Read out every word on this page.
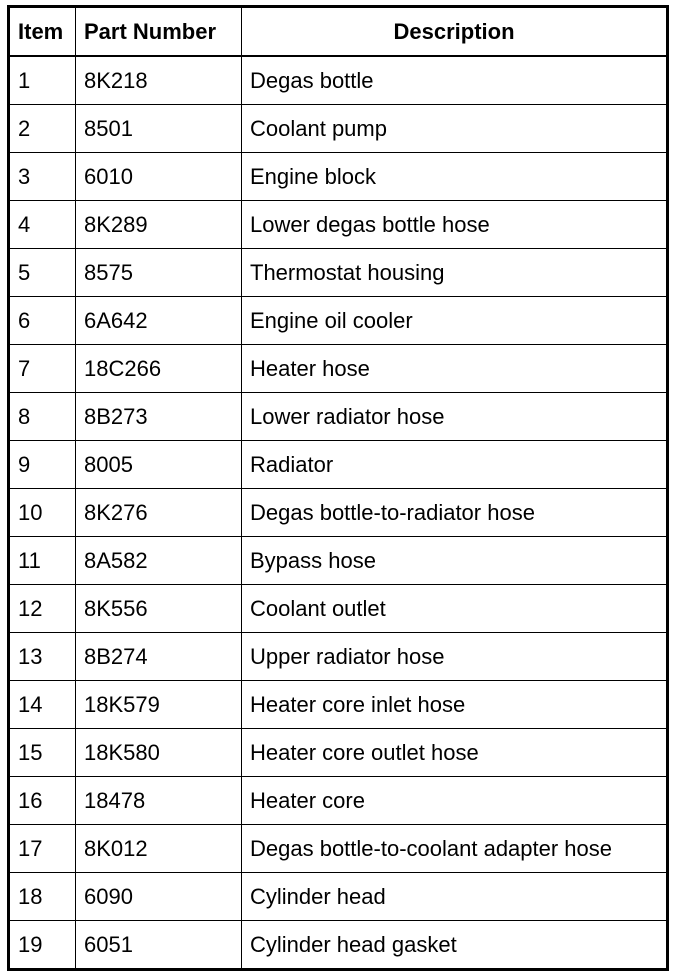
Item	Part Number	Description
1	8K218	Degas bottle
2	8501	Coolant pump
3	6010	Engine block
4	8K289	Lower degas bottle hose
5	8575	Thermostat housing
6	6A642	Engine oil cooler
7	18C266	Heater hose
8	8B273	Lower radiator hose
9	8005	Radiator
10	8K276	Degas bottle-to-radiator hose
11	8A582	Bypass hose
12	8K556	Coolant outlet
13	8B274	Upper radiator hose
14	18K579	Heater core inlet hose
15	18K580	Heater core outlet hose
16	18478	Heater core
17	8K012	Degas bottle-to-coolant adapter hose
18	6090	Cylinder head
19	6051	Cylinder head gasket
